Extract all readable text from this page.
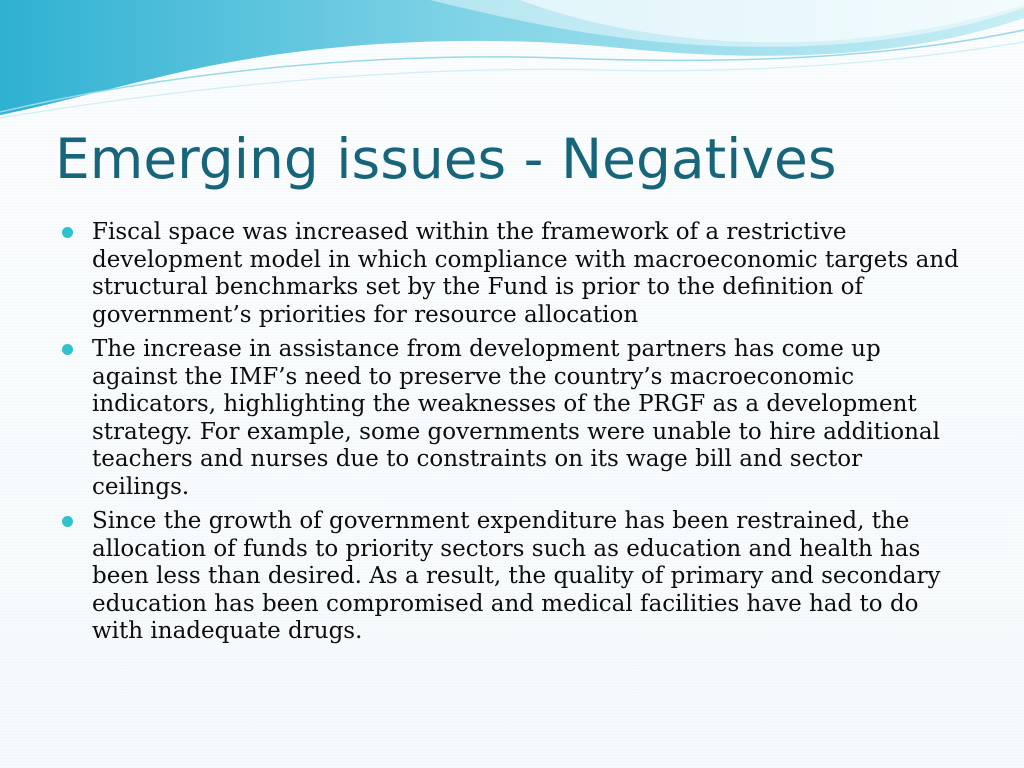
Emerging issues - Negatives
Fiscal space was increased within the framework of a restrictive development model in which compliance with macroeconomic targets and structural benchmarks set by the Fund is prior to the definition of government’s priorities for resource allocation
The increase in assistance from development partners has come up against the IMF’s need to preserve the country’s macroeconomic indicators, highlighting the weaknesses of the PRGF as a development strategy. For example, some governments were unable to hire additional teachers and nurses due to constraints on its wage bill and sector ceilings.
Since the growth of government expenditure has been restrained, the allocation of funds to priority sectors such as education and health has been less than desired. As a result, the quality of primary and secondary education has been compromised and medical facilities have had to do with inadequate drugs.
